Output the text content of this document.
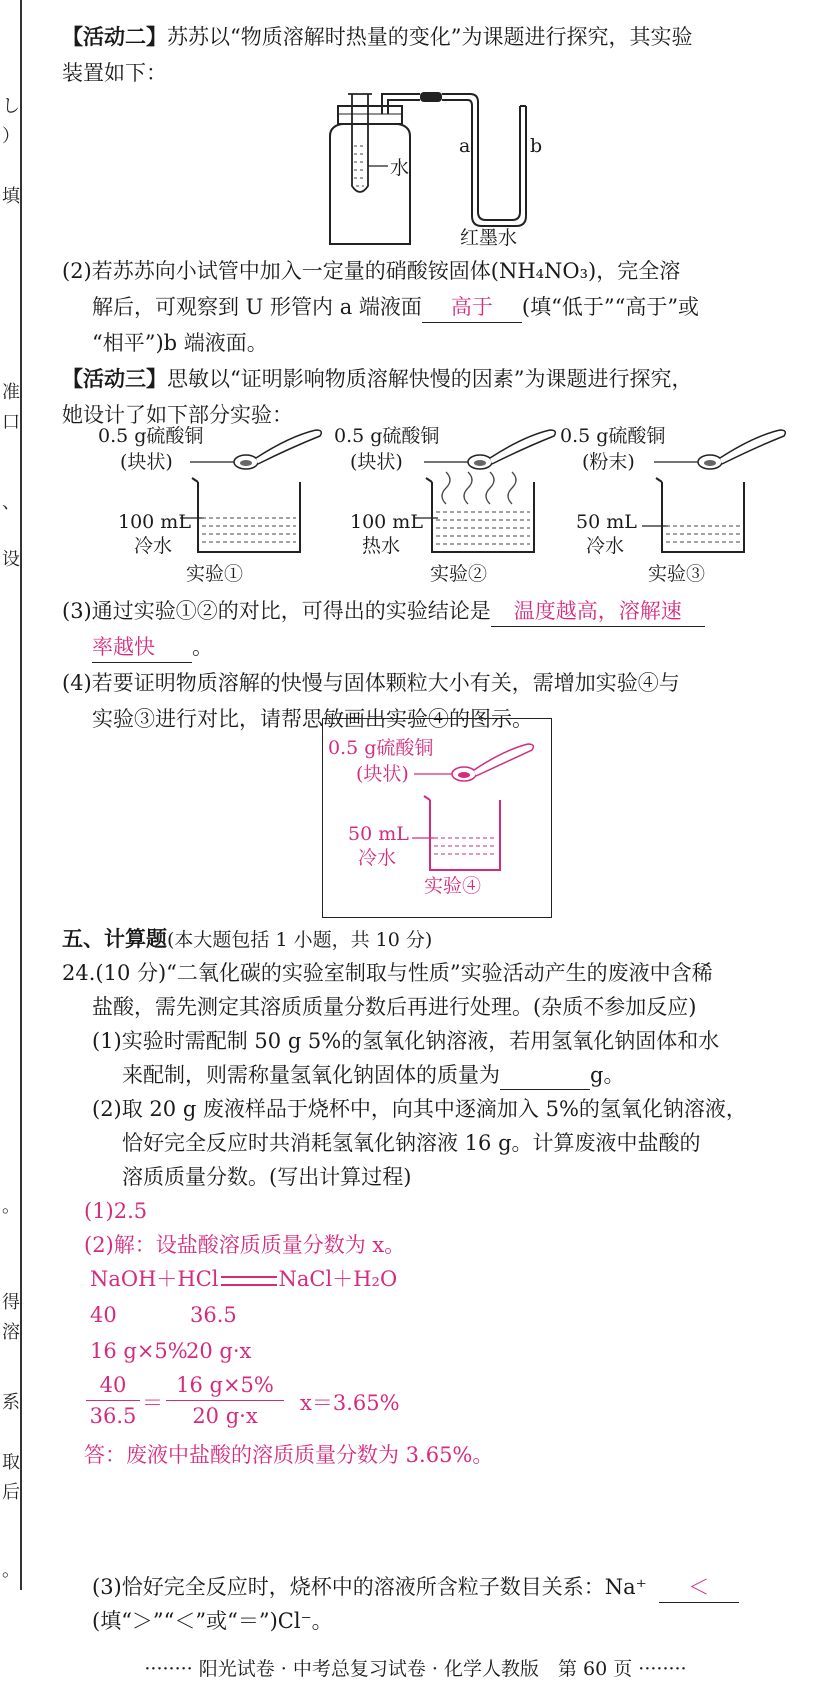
し
）
填
准
口
、
设
。
得
溶
系
取
后
。
【活动二】苏苏以“物质溶解时热量的变化”为课题进行探究，其实验
装置如下：
水
a	b
红墨水
(2)若苏苏向小试管中加入一定量的硝酸铵固体(NH₄NO₃)，完全溶
解后，可观察到 U 形管内 a 端液面 高于 (填“低于”“高于”或
“相平”)b 端液面。
【活动三】思敏以“证明影响物质溶解快慢的因素”为课题进行探究，
她设计了如下部分实验：
0.5 g硫酸铜
(块状)
100 mL
冷水
实验①
0.5 g硫酸铜
(块状)
100 mL
热水
实验②
0.5 g硫酸铜
(粉末)
50 mL
冷水
实验③
(3)通过实验①②的对比，可得出的实验结论是 温度越高，溶解速
率越快 。
(4)若要证明物质溶解的快慢与固体颗粒大小有关，需增加实验④与
实验③进行对比，请帮思敏画出实验④的图示。
0.5 g硫酸铜
(块状)
50 mL
冷水
实验④
五、计算题(本大题包括 1 小题，共 10 分)
24.(10 分)“二氧化碳的实验室制取与性质”实验活动产生的废液中含稀
盐酸，需先测定其溶质质量分数后再进行处理。(杂质不参加反应)
(1)实验时需配制 50 g 5%的氢氧化钠溶液，若用氢氧化钠固体和水
来配制，则需称量氢氧化钠固体的质量为	g。
(2)取 20 g 废液样品于烧杯中，向其中逐滴加入 5%的氢氧化钠溶液，
恰好完全反应时共消耗氢氧化钠溶液 16 g。计算废液中盐酸的
溶质质量分数。(写出计算过程)
(1)2.5
(2)解：设盐酸溶质质量分数为 x。
NaOH＋HCl	NaCl＋H₂O
40	36.5
16 g×5%
20 g·x
40
36.5
＝
16 g×5%
20 g·x
x＝3.65%
答：废液中盐酸的溶质质量分数为 3.65%。
(3)恰好完全反应时，烧杯中的溶液所含粒子数目关系：Na⁺ ＜
(填“＞”“＜”或“＝”)Cl⁻。
········ 阳光试卷 · 中考总复习试卷 · 化学人教版　第 60 页 ········
